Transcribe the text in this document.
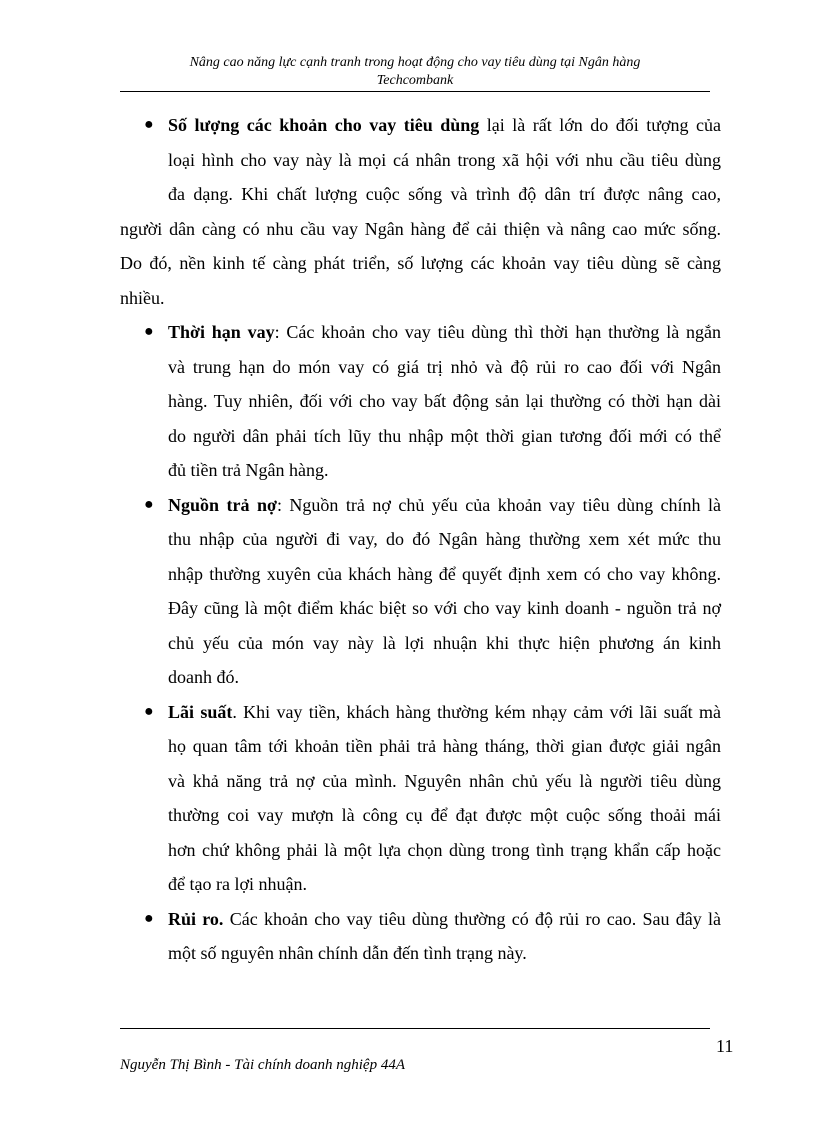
Nâng cao năng lực cạnh tranh trong hoạt động cho vay tiêu dùng tại Ngân hàng
Techcombank
● Số lượng các khoản cho vay tiêu dùng lại là rất lớn do đối tượng của
loại hình cho vay này là mọi cá nhân trong xã hội với nhu cầu tiêu dùng
đa dạng. Khi chất lượng cuộc sống và trình độ dân trí được nâng cao,
người dân càng có nhu cầu vay Ngân hàng để cải thiện và nâng cao mức sống.
Do đó, nền kinh tế càng phát triển, số lượng các khoản vay tiêu dùng sẽ càng
nhiều.
● Thời hạn vay: Các khoản cho vay tiêu dùng thì thời hạn thường là ngắn
và trung hạn do món vay có giá trị nhỏ và độ rủi ro cao đối với Ngân
hàng. Tuy nhiên, đối với cho vay bất động sản lại thường có thời hạn dài
do người dân phải tích lũy thu nhập một thời gian tương đối mới có thể
đủ tiền trả Ngân hàng.
● Nguồn trả nợ: Nguồn trả nợ chủ yếu của khoản vay tiêu dùng chính là
thu nhập của người đi vay, do đó Ngân hàng thường xem xét mức thu
nhập thường xuyên của khách hàng để quyết định xem có cho vay không.
Đây cũng là một điểm khác biệt so với cho vay kinh doanh - nguồn trả nợ
chủ yếu của món vay này là lợi nhuận khi thực hiện phương án kinh
doanh đó.
● Lãi suất. Khi vay tiền, khách hàng thường kém nhạy cảm với lãi suất mà
họ quan tâm tới khoản tiền phải trả hàng tháng, thời gian được giải ngân
và khả năng trả nợ của mình. Nguyên nhân chủ yếu là người tiêu dùng
thường coi vay mượn là công cụ để đạt được một cuộc sống thoải mái
hơn chứ không phải là một lựa chọn dùng trong tình trạng khẩn cấp hoặc
để tạo ra lợi nhuận.
● Rủi ro. Các khoản cho vay tiêu dùng thường có độ rủi ro cao. Sau đây là
một số nguyên nhân chính dẫn đến tình trạng này.
11
Nguyễn Thị Bình - Tài chính doanh nghiệp 44A
